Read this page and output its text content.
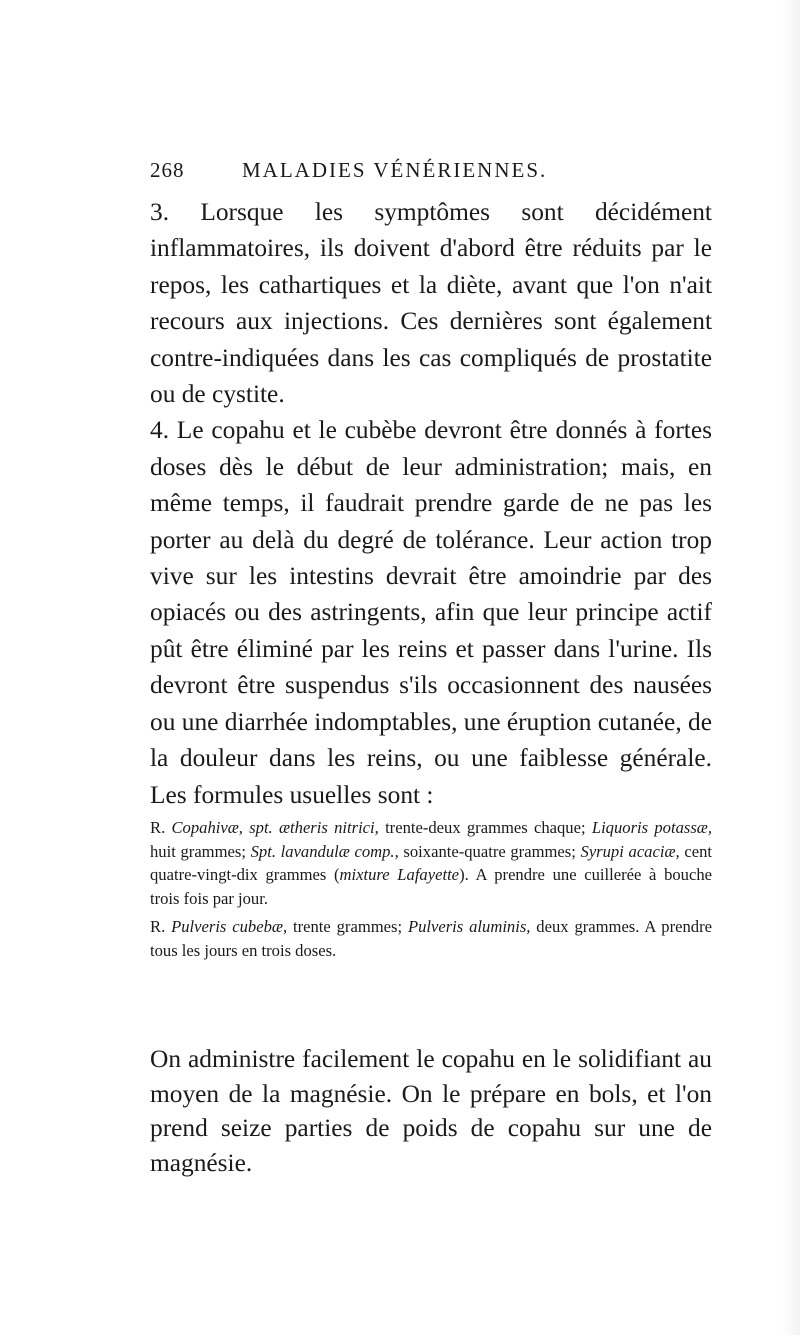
268	MALADIES VÉNÉRIENNES.

3. Lorsque les symptômes sont décidément inflammatoires, ils doivent d'abord être réduits par le repos, les cathartiques et la diète, avant que l'on n'ait recours aux injections. Ces dernières sont également contre-indiquées dans les cas compliqués de prostatite ou de cystite.

4. Le copahu et le cubèbe devront être donnés à fortes doses dès le début de leur administration; mais, en même temps, il faudrait prendre garde de ne pas les porter au delà du degré de tolérance. Leur action trop vive sur les intestins devrait être amoindrie par des opiacés ou des astringents, afin que leur principe actif pût être éliminé par les reins et passer dans l'urine. Ils devront être suspendus s'ils occasionnent des nausées ou une diarrhée indomptables, une éruption cutanée, de la douleur dans les reins, ou une faiblesse générale. Les formules usuelles sont :

R. Copahivæ, spt. ætheris nitrici, trente-deux grammes chaque; Liquoris potassæ, huit grammes; Spt. lavandulæ comp., soixante-quatre grammes; Syrupi acaciæ, cent quatre-vingt-dix grammes (mixture Lafayette). A prendre une cuillerée à bouche trois fois par jour.

R. Pulveris cubebæ, trente grammes; Pulveris aluminis, deux grammes. A prendre tous les jours en trois doses.

On administre facilement le copahu en le solidifiant au moyen de la magnésie. On le prépare en bols, et l'on prend seize parties de poids de copahu sur une de magnésie.
